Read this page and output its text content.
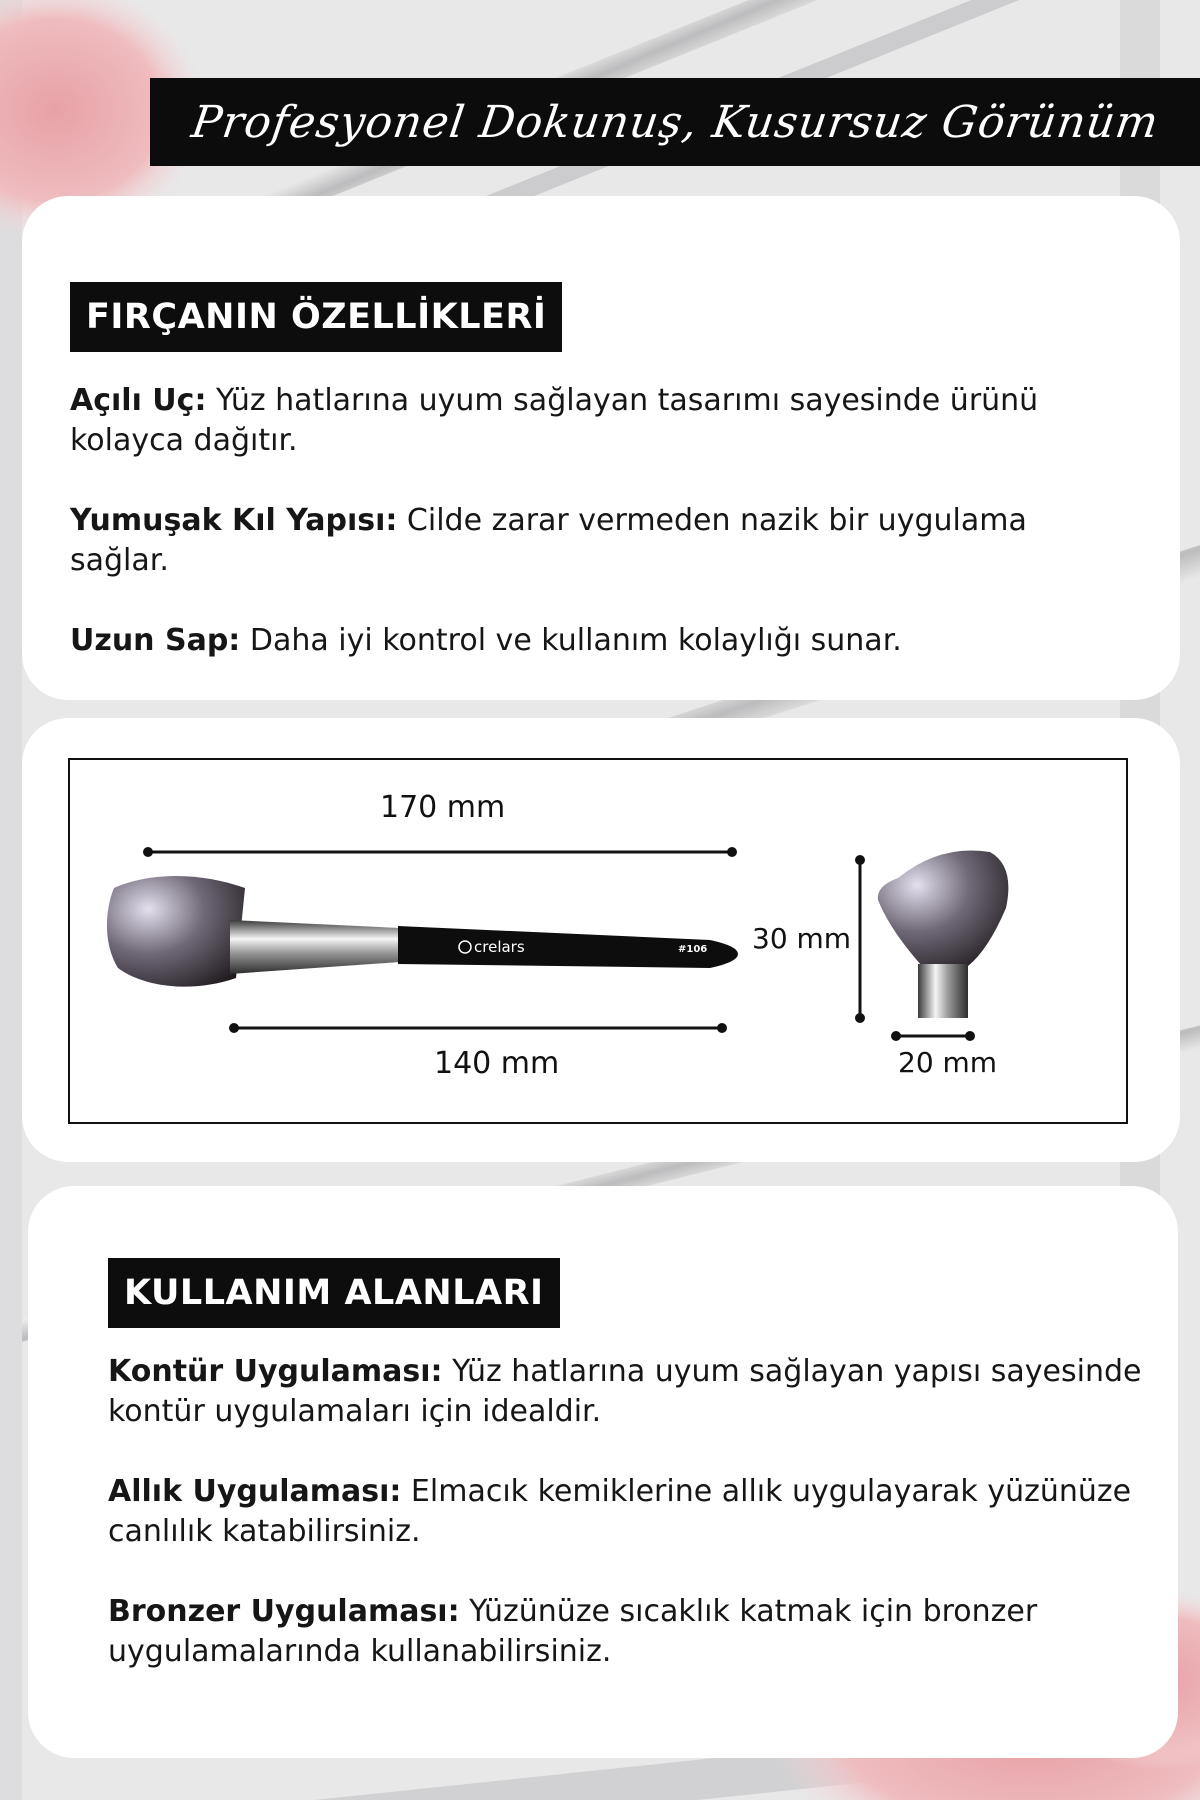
Profesyonel Dokunuş, Kusursuz Görünüm
FIRÇANIN ÖZELLİKLERİ

Açılı Uç: Yüz hatlarına uyum sağlayan tasarımı sayesinde ürünü kolayca dağıtır.

Yumuşak Kıl Yapısı: Cilde zarar vermeden nazik bir uygulama sağlar.

Uzun Sap: Daha iyi kontrol ve kullanım kolaylığı sunar.

crelars	#106
170 mm
140 mm
30 mm
20 mm
KULLANIM ALANLARI

Kontür Uygulaması: Yüz hatlarına uyum sağlayan yapısı sayesinde kontür uygulamaları için idealdir.

Allık Uygulaması: Elmacık kemiklerine allık uygulayarak yüzünüze canlılık katabilirsiniz.

Bronzer Uygulaması: Yüzünüze sıcaklık katmak için bronzer uygulamalarında kullanabilirsiniz.
